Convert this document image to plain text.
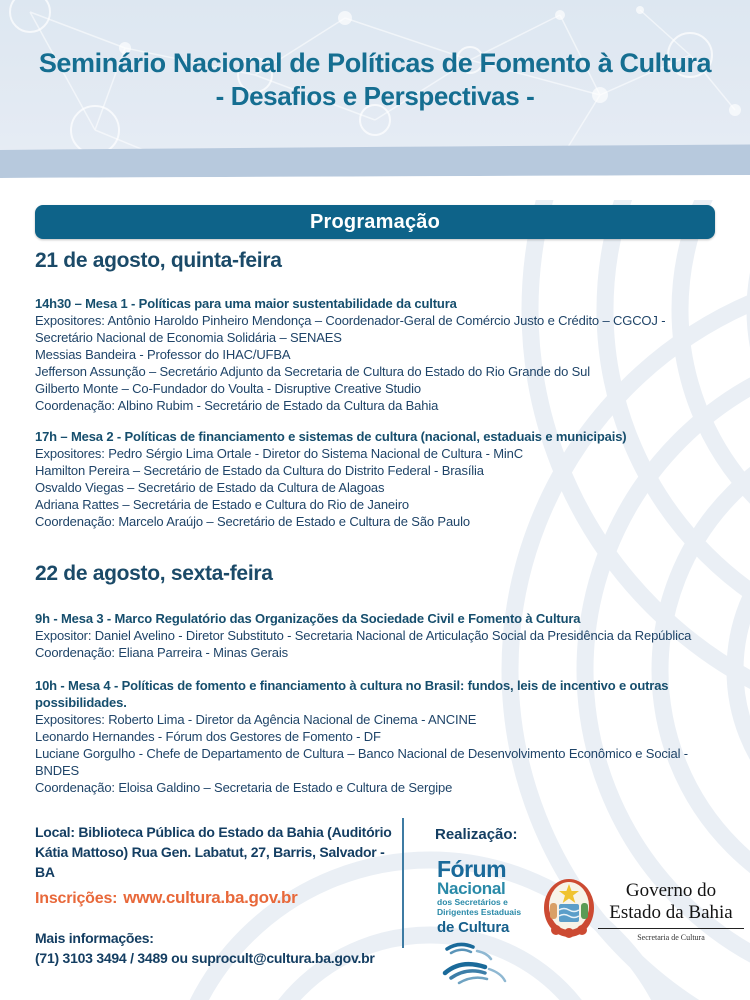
Seminário Nacional de Políticas de Fomento à Cultura
- Desafios e Perspectivas -
Programação
21 de agosto, quinta-feira
14h30 – Mesa 1 - Políticas para uma maior sustentabilidade da cultura
Expositores: Antônio Haroldo Pinheiro Mendonça – Coordenador-Geral de Comércio Justo e Crédito – CGCOJ - Secretário Nacional de Economia Solidária – SENAES
Messias Bandeira - Professor do IHAC/UFBA
Jefferson Assunção – Secretário Adjunto da Secretaria de Cultura do Estado do Rio Grande do Sul
Gilberto Monte – Co-Fundador do Voulta - Disruptive Creative Studio
Coordenação: Albino Rubim - Secretário de Estado da Cultura da Bahia
17h – Mesa 2 - Políticas de financiamento e sistemas de cultura (nacional, estaduais e municipais)
Expositores: Pedro Sérgio Lima Ortale - Diretor do Sistema Nacional de Cultura - MinC
Hamilton Pereira – Secretário de Estado da Cultura do Distrito Federal - Brasília
Osvaldo Viegas – Secretário de Estado da Cultura de Alagoas
Adriana Rattes – Secretária de Estado e Cultura do Rio de Janeiro
Coordenação: Marcelo Araújo – Secretário de Estado e Cultura de São Paulo
22 de agosto, sexta-feira
9h - Mesa 3 - Marco Regulatório das Organizações da Sociedade Civil e Fomento à Cultura
Expositor: Daniel Avelino - Diretor Substituto - Secretaria Nacional de Articulação Social da Presidência da República
Coordenação: Eliana Parreira - Minas Gerais
10h - Mesa 4 - Políticas de fomento e financiamento à cultura no Brasil: fundos, leis de incentivo e outras possibilidades.
Expositores: Roberto Lima - Diretor da Agência Nacional de Cinema - ANCINE
Leonardo Hernandes - Fórum dos Gestores de Fomento - DF
Luciane Gorgulho - Chefe de Departamento de Cultura – Banco Nacional de Desenvolvimento Econômico e Social - BNDES
Coordenação: Eloisa Galdino – Secretaria de Estado e Cultura de Sergipe
Local: Biblioteca Pública do Estado da Bahia (Auditório Kátia Mattoso) Rua Gen. Labatut, 27, Barris, Salvador - BA
Inscrições: www.cultura.ba.gov.br
Mais informações:
(71) 3103 3494 / 3489 ou suprocult@cultura.ba.gov.br
Realização:
Fórum
Nacional
dos Secretários e
Dirigentes Estaduais
de Cultura
Governo do
Estado da Bahia
Secretaria de Cultura
